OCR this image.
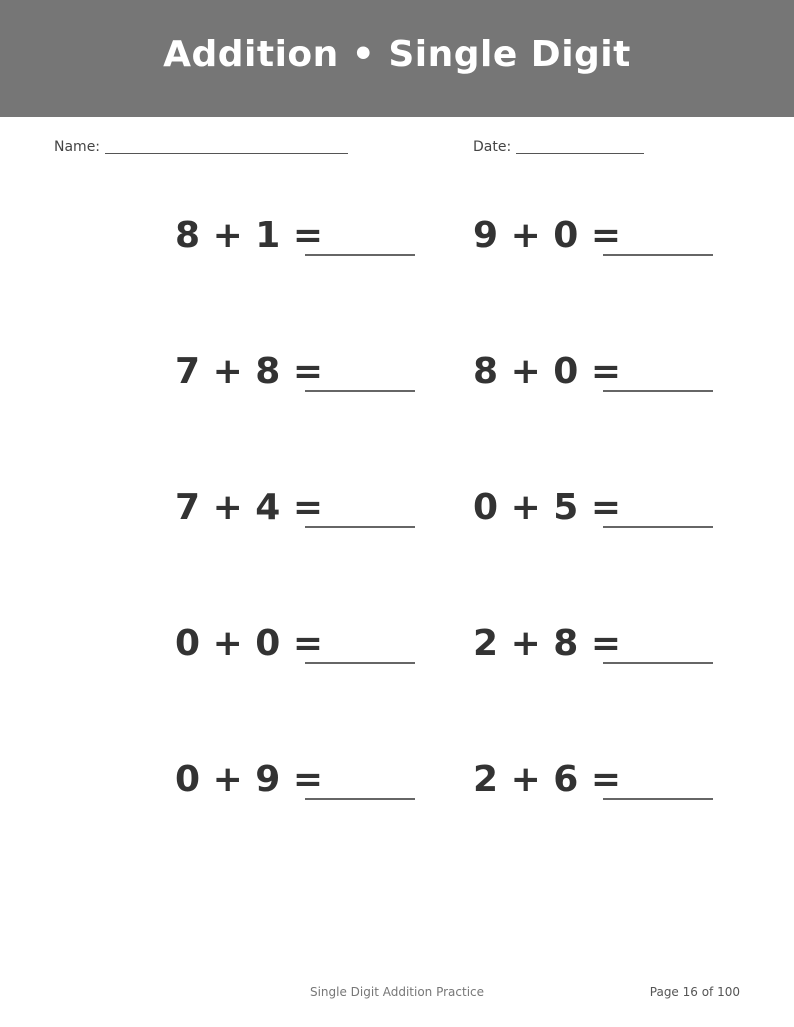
Addition • Single Digit
Name:	Date:
8 + 1 =	9 + 0 =
7 + 8 =	8 + 0 =
7 + 4 =	0 + 5 =
0 + 0 =	2 + 8 =
0 + 9 =	2 + 6 =
Single Digit Addition Practice	Page 16 of 100
